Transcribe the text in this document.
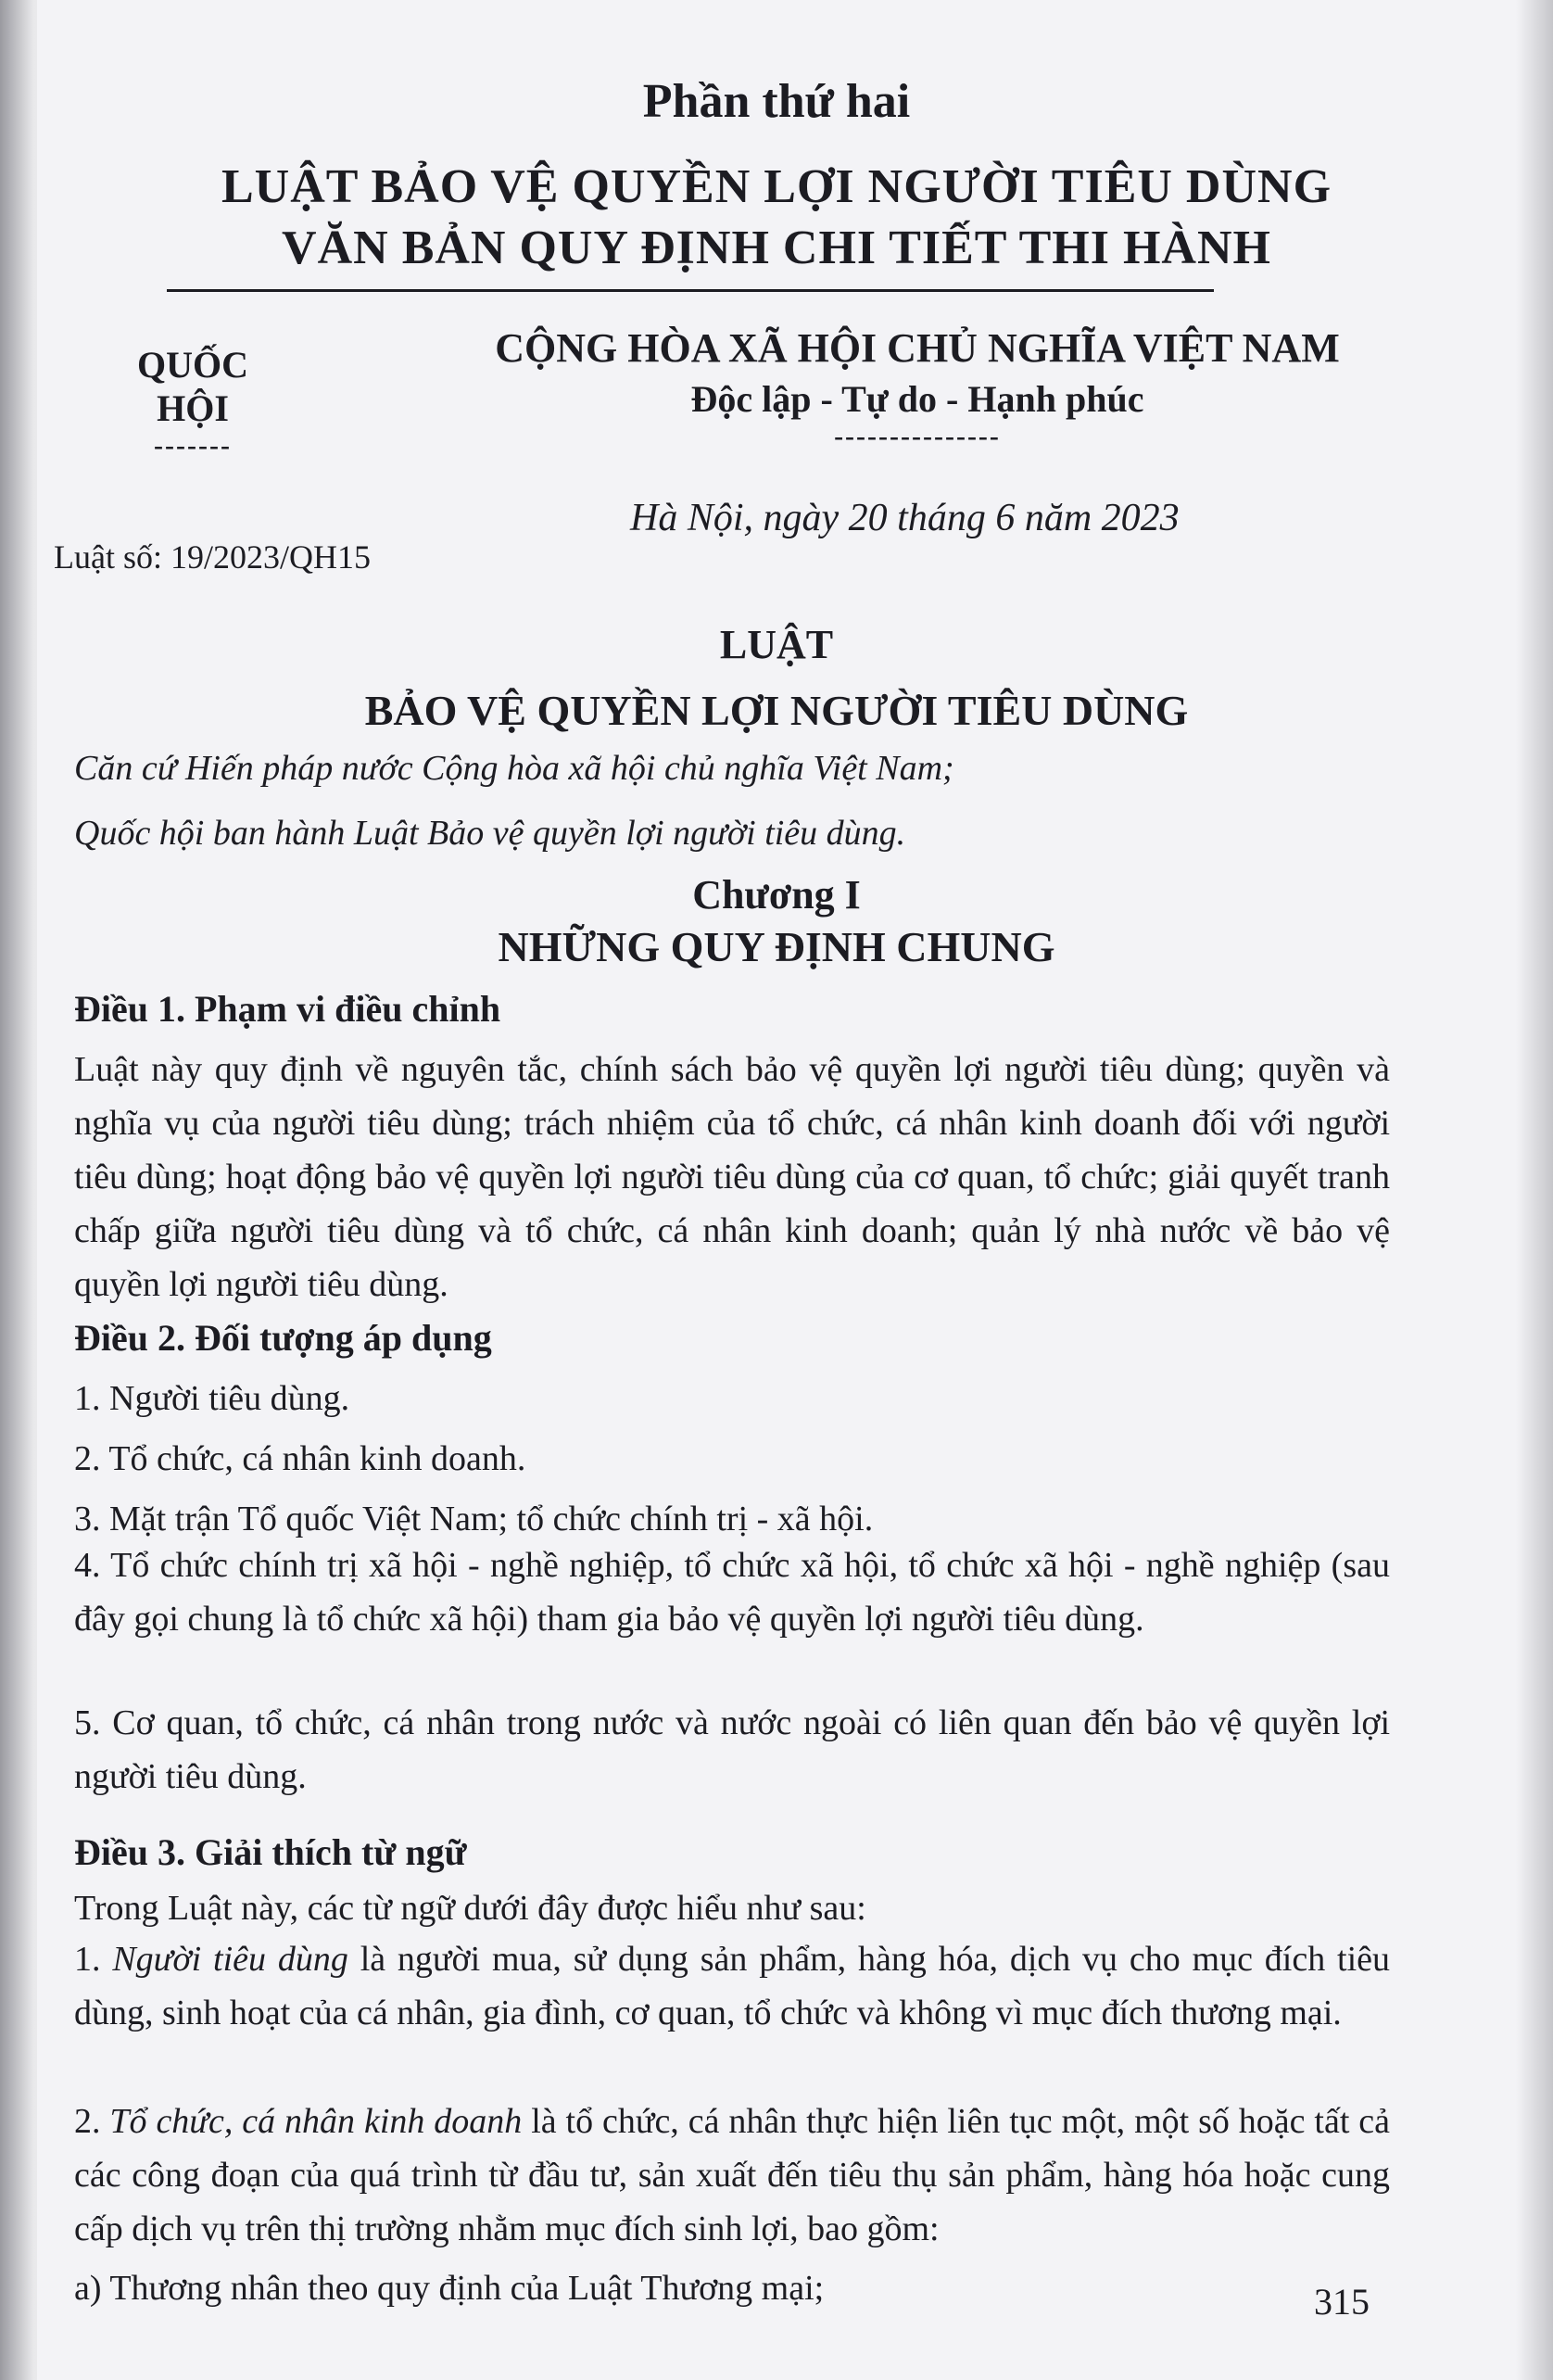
Phần thứ hai
LUẬT BẢO VỆ QUYỀN LỢI NGƯỜI TIÊU DÙNG
VĂN BẢN QUY ĐỊNH CHI TIẾT THI HÀNH
QUỐC HỘI
-------
CỘNG HÒA XÃ HỘI CHỦ NGHĨA VIỆT NAM
Độc lập - Tự do - Hạnh phúc
---------------
Luật số: 19/2023/QH15
Hà Nội, ngày 20 tháng 6 năm 2023
LUẬT
BẢO VỆ QUYỀN LỢI NGƯỜI TIÊU DÙNG
Căn cứ Hiến pháp nước Cộng hòa xã hội chủ nghĩa Việt Nam;
Quốc hội ban hành Luật Bảo vệ quyền lợi người tiêu dùng.
Chương I
NHỮNG QUY ĐỊNH CHUNG
Điều 1. Phạm vi điều chỉnh
Luật này quy định về nguyên tắc, chính sách bảo vệ quyền lợi người tiêu dùng; quyền và nghĩa vụ của người tiêu dùng; trách nhiệm của tổ chức, cá nhân kinh doanh đối với người tiêu dùng; hoạt động bảo vệ quyền lợi người tiêu dùng của cơ quan, tổ chức; giải quyết tranh chấp giữa người tiêu dùng và tổ chức, cá nhân kinh doanh; quản lý nhà nước về bảo vệ quyền lợi người tiêu dùng.
Điều 2. Đối tượng áp dụng
1. Người tiêu dùng.
2. Tổ chức, cá nhân kinh doanh.
3. Mặt trận Tổ quốc Việt Nam; tổ chức chính trị - xã hội.
4. Tổ chức chính trị xã hội - nghề nghiệp, tổ chức xã hội, tổ chức xã hội - nghề nghiệp (sau đây gọi chung là tổ chức xã hội) tham gia bảo vệ quyền lợi người tiêu dùng.
5. Cơ quan, tổ chức, cá nhân trong nước và nước ngoài có liên quan đến bảo vệ quyền lợi người tiêu dùng.
Điều 3. Giải thích từ ngữ
Trong Luật này, các từ ngữ dưới đây được hiểu như sau:
1. Người tiêu dùng là người mua, sử dụng sản phẩm, hàng hóa, dịch vụ cho mục đích tiêu dùng, sinh hoạt của cá nhân, gia đình, cơ quan, tổ chức và không vì mục đích thương mại.
2. Tổ chức, cá nhân kinh doanh là tổ chức, cá nhân thực hiện liên tục một, một số hoặc tất cả các công đoạn của quá trình từ đầu tư, sản xuất đến tiêu thụ sản phẩm, hàng hóa hoặc cung cấp dịch vụ trên thị trường nhằm mục đích sinh lợi, bao gồm:
a) Thương nhân theo quy định của Luật Thương mại;	315
